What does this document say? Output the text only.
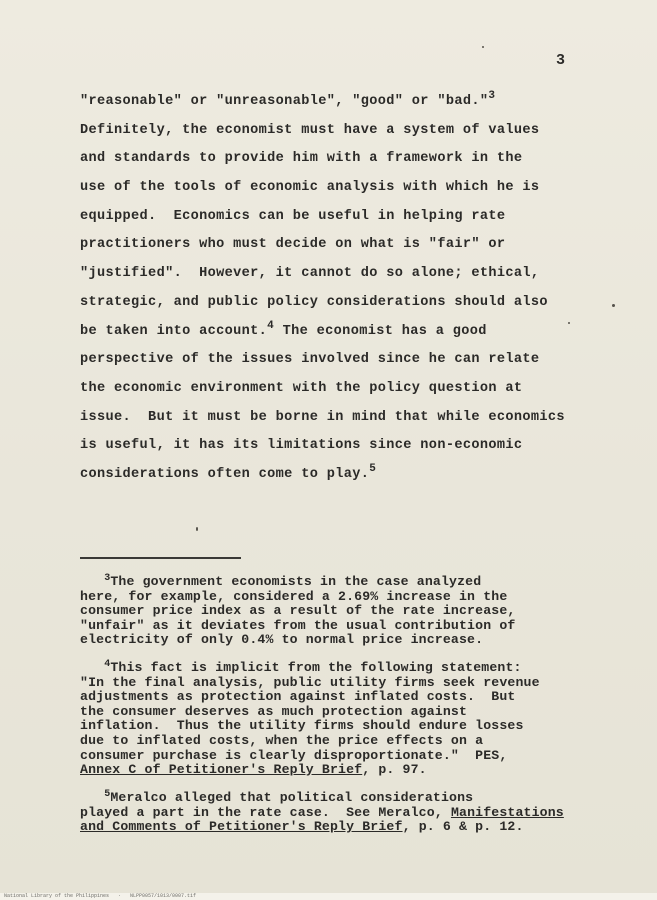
3
"reasonable" or "unreasonable", "good" or "bad."$^3$
Definitely, the economist must have a system of values
and standards to provide him with a framework in the
use of the tools of economic analysis with which he is
equipped.  Economics can be useful in helping rate
practitioners who must decide on what is "fair" or
"justified".  However, it cannot do so alone; ethical,
strategic, and public policy considerations should also
be taken into account.$^4$ The economist has a good
perspective of the issues involved since he can relate
the economic environment with the policy question at
issue.  But it must be borne in mind that while economics
is useful, it has its limitations since non-economic
considerations often come to play.$^5$
$^3$The government economists in the case analyzed
here, for example, considered a 2.69% increase in the
consumer price index as a result of the rate increase,
"unfair" as it deviates from the usual contribution of
electricity of only 0.4% to normal price increase.
$^4$This fact is implicit from the following statement:
"In the final analysis, public utility firms seek revenue
adjustments as protection against inflated costs.  But
the consumer deserves as much protection against
inflation.  Thus the utility firms should endure losses
due to inflated costs, when the price effects on a
consumer purchase is clearly disproportionate."  PES,
Annex C of Petitioner's Reply Brief, p. 97.
$^5$Meralco alleged that political considerations
played a part in the rate case.  See Meralco, Manifestations
and Comments of Petitioner's Reply Brief, p. 6 & p. 12.
National Library of the Philippines   ·   NLPP0057/1013/0007.tif
